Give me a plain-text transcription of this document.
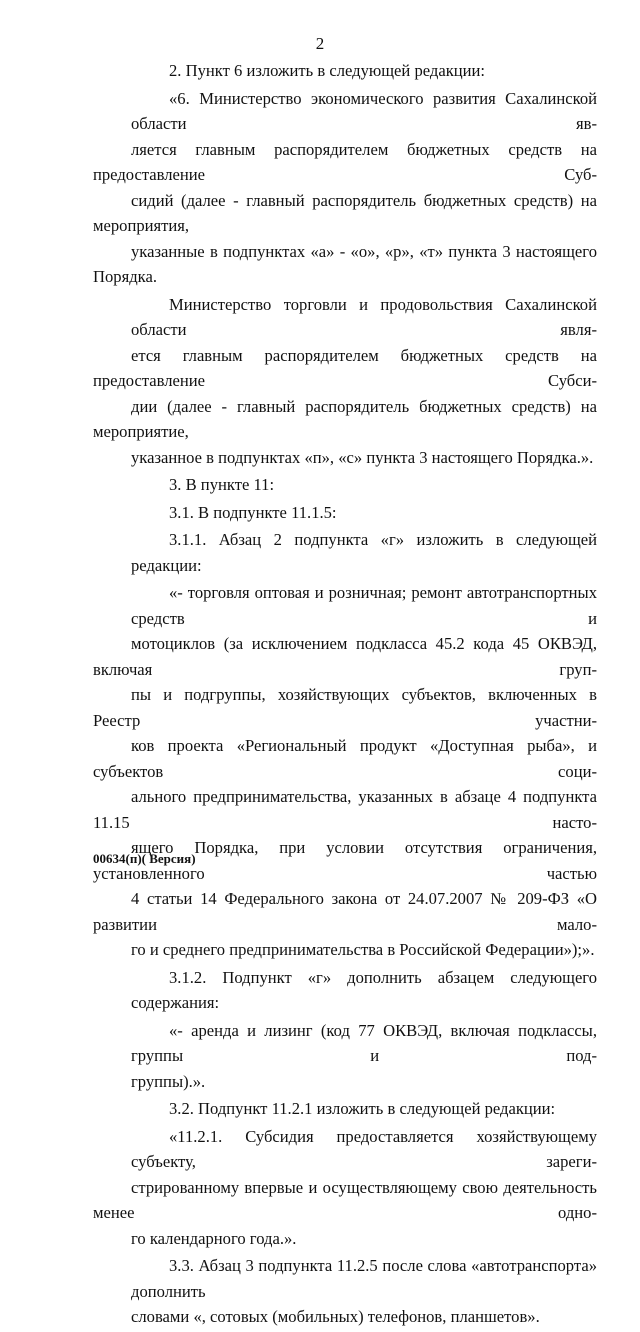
2
2. Пункт 6 изложить в следующей редакции:
«6. Министерство экономического развития Сахалинской области яв-
ляется главным распорядителем бюджетных средств на предоставление Суб-
сидий (далее - главный распорядитель бюджетных средств) на мероприятия,
указанные в подпунктах «а» - «о», «р», «т» пункта 3 настоящего Порядка.
Министерство торговли и продовольствия Сахалинской области явля-
ется главным распорядителем бюджетных средств на предоставление Субси-
дии (далее - главный распорядитель бюджетных средств) на мероприятие,
указанное в подпунктах «п», «с» пункта 3 настоящего Порядка.».
3. В пункте 11:
3.1. В подпункте 11.1.5:
3.1.1. Абзац 2 подпункта «г» изложить в следующей редакции:
«- торговля оптовая и розничная; ремонт автотранспортных средств и
мотоциклов (за исключением подкласса 45.2 кода 45 ОКВЭД, включая груп-
пы и подгруппы, хозяйствующих субъектов, включенных в Реестр участни-
ков проекта «Региональный продукт «Доступная рыба», и субъектов соци-
ального предпринимательства, указанных в абзаце 4 подпункта 11.15 насто-
ящего Порядка, при условии отсутствия ограничения, установленного частью
4 статьи 14 Федерального закона от 24.07.2007 № 209-ФЗ «О развитии мало-
го и среднего предпринимательства в Российской Федерации»);».
3.1.2. Подпункт «г» дополнить абзацем следующего содержания:
«- аренда и лизинг (код 77 ОКВЭД, включая подклассы, группы и под-
группы).».
3.2. Подпункт 11.2.1 изложить в следующей редакции:
«11.2.1. Субсидия предоставляется хозяйствующему субъекту, зареги-
стрированному впервые и осуществляющему свою деятельность менее одно-
го календарного года.».
3.3. Абзац 3 подпункта 11.2.5 после слова «автотранспорта» дополнить
словами «, сотовых (мобильных) телефонов, планшетов».
00634(п)( Версия)
